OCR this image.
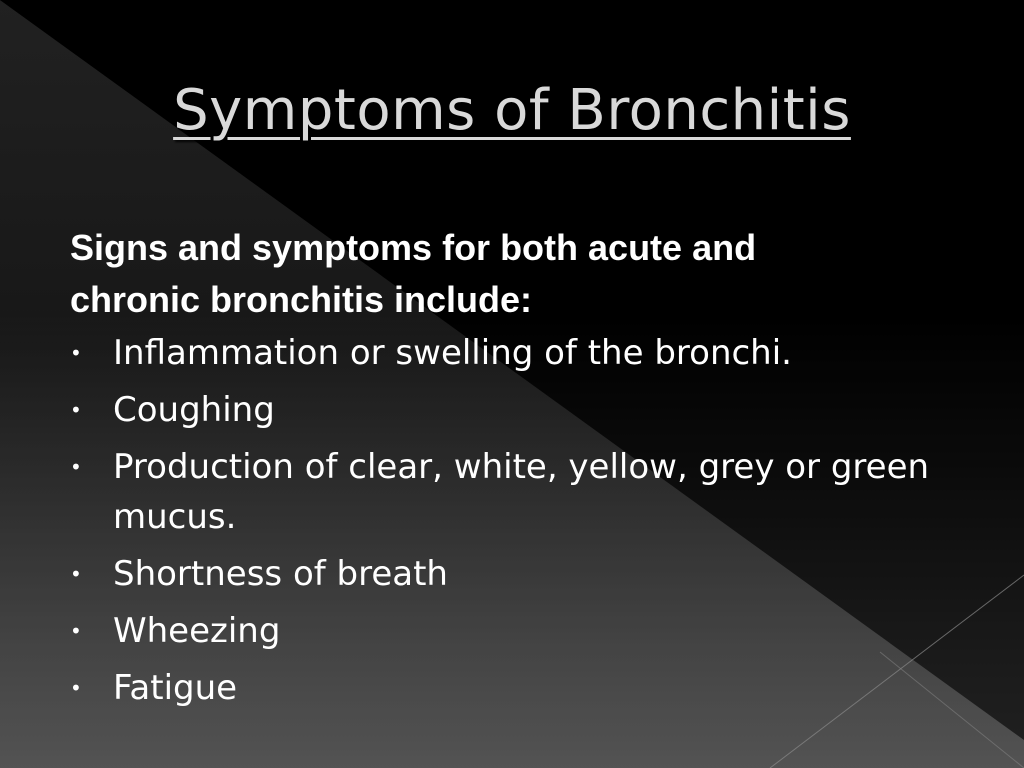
Symptoms of Bronchitis

Signs and symptoms for both acute and
chronic bronchitis include:

• Inflammation or swelling of the bronchi.
• Coughing
• Production of clear, white, yellow, grey or green mucus.
• Shortness of breath
• Wheezing
• Fatigue
